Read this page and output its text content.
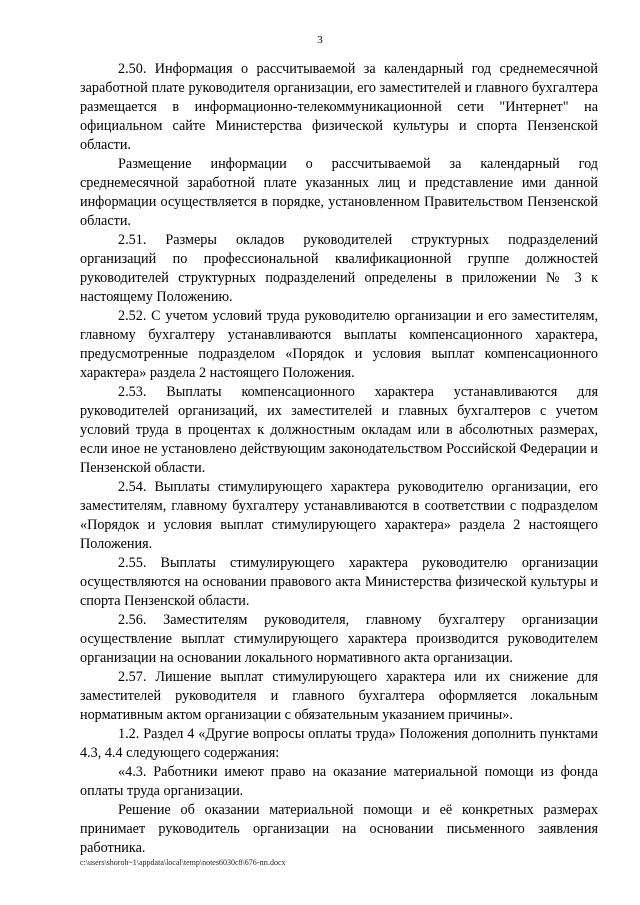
3

2.50. Информация о рассчитываемой за календарный год среднемесячной заработной плате руководителя организации, его заместителей и главного бухгалтера размещается в информационно-телекоммуникационной сети "Интернет" на официальном сайте Министерства физической культуры и спорта Пензенской области.

Размещение информации о рассчитываемой за календарный год среднемесячной заработной плате указанных лиц и представление ими данной информации осуществляется в порядке, установленном Правительством Пензенской области.

2.51. Размеры окладов руководителей структурных подразделений организаций по профессиональной квалификационной группе должностей руководителей структурных подразделений определены в приложении № 3 к настоящему Положению.

2.52. С учетом условий труда руководителю организации и его заместителям, главному бухгалтеру устанавливаются выплаты компенсационного характера, предусмотренные подразделом «Порядок и условия выплат компенсационного характера» раздела 2 настоящего Положения.

2.53. Выплаты компенсационного характера устанавливаются для руководителей организаций, их заместителей и главных бухгалтеров с учетом условий труда в процентах к должностным окладам или в абсолютных размерах, если иное не установлено действующим законодательством Российской Федерации и Пензенской области.

2.54. Выплаты стимулирующего характера руководителю организации, его заместителям, главному бухгалтеру устанавливаются в соответствии с подразделом «Порядок и условия выплат стимулирующего характера» раздела 2 настоящего Положения.

2.55. Выплаты стимулирующего характера руководителю организации осуществляются на основании правового акта Министерства физической культуры и спорта Пензенской области.

2.56. Заместителям руководителя, главному бухгалтеру организации осуществление выплат стимулирующего характера производится руководителем организации на основании локального нормативного акта организации.

2.57. Лишение выплат стимулирующего характера или их снижение для заместителей руководителя и главного бухгалтера оформляется локальным нормативным актом организации с обязательным указанием причины».

1.2. Раздел 4 «Другие вопросы оплаты труда» Положения дополнить пунктами 4.3, 4.4 следующего содержания:

«4.3. Работники имеют право на оказание материальной помощи из фонда оплаты труда организации.

Решение об оказании материальной помощи и её конкретных размерах принимает руководитель организации на основании письменного заявления работника.

c:\users\shoroh~1\appdata\local\temp\notes6030c8\676-пп.docx
